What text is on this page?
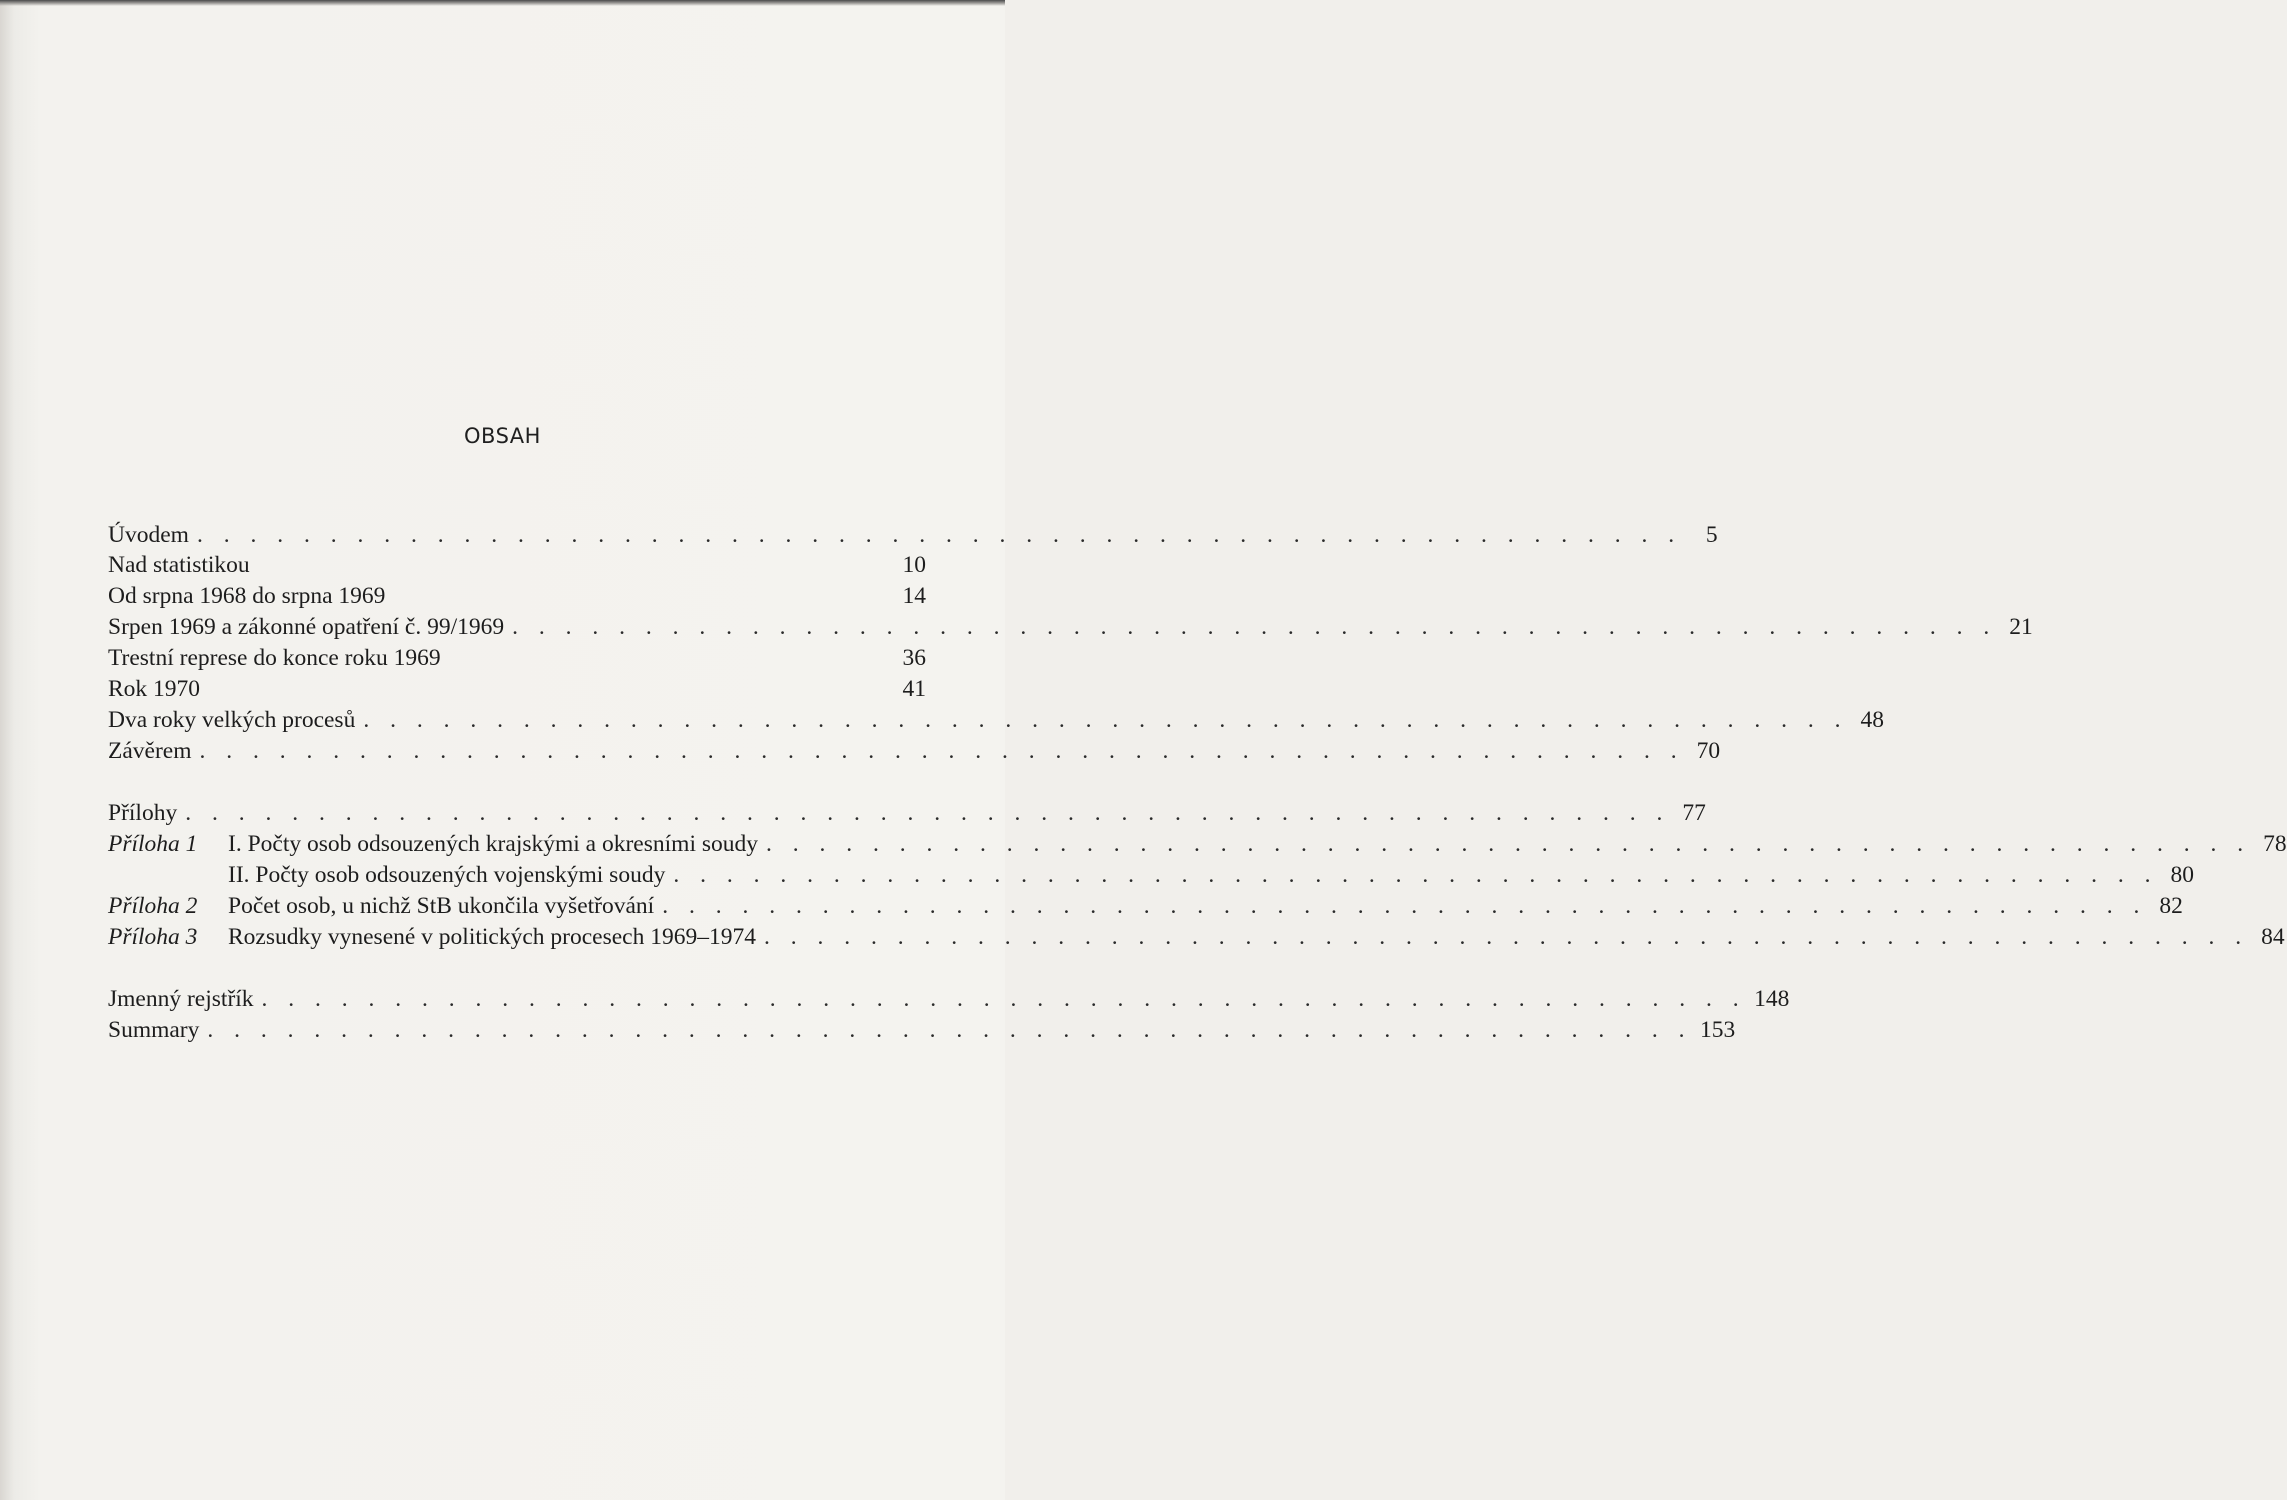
OBSAH
Úvodem . . . . . . . . . . . . . . . . . . . . . . . . . . . . . . . . . . . . . . . . . . . . . . . . . . . . . . . .	5
Nad statistikou	10
Od srpna 1968 do srpna 1969	14
Srpen 1969 a zákonné opatření č. 99/1969 . . . . . . . . . . . . . . . . . . . . . . . . . . . . . . . . . . . . . . . . . . . . . . . . . . . . . . . . 21
Trestní represe do konce roku 1969	36
Rok 1970	41
Dva roky velkých procesů . . . . . . . . . . . . . . . . . . . . . . . . . . . . . . . . . . . . . . . . . . . . . . . . . . . . . . . . 48
Závěrem . . . . . . . . . . . . . . . . . . . . . . . . . . . . . . . . . . . . . . . . . . . . . . . . . . . . . . . . 70
Přílohy . . . . . . . . . . . . . . . . . . . . . . . . . . . . . . . . . . . . . . . . . . . . . . . . . . . . . . . . 77
Příloha 1	I. Počty osob odsouzených krajskými a okresními soudy . . . . . . . . . . . . . . . . . . . . . . . . . . . . . . . . . . . . . . . . . . . . . . . . . . . . . . . . 78
II. Počty osob odsouzených vojenskými soudy . . . . . . . . . . . . . . . . . . . . . . . . . . . . . . . . . . . . . . . . . . . . . . . . . . . . . . . . 80
Příloha 2	Počet osob, u nichž StB ukončila vyšetřování . . . . . . . . . . . . . . . . . . . . . . . . . . . . . . . . . . . . . . . . . . . . . . . . . . . . . . . . 82
Příloha 3	Rozsudky vynesené v politických procesech 1969–1974 . . . . . . . . . . . . . . . . . . . . . . . . . . . . . . . . . . . . . . . . . . . . . . . . . . . . . . . . 84
Jmenný rejstřík . . . . . . . . . . . . . . . . . . . . . . . . . . . . . . . . . . . . . . . . . . . . . . . . . . . . . . . . 148
Summary . . . . . . . . . . . . . . . . . . . . . . . . . . . . . . . . . . . . . . . . . . . . . . . . . . . . . . . . 153
